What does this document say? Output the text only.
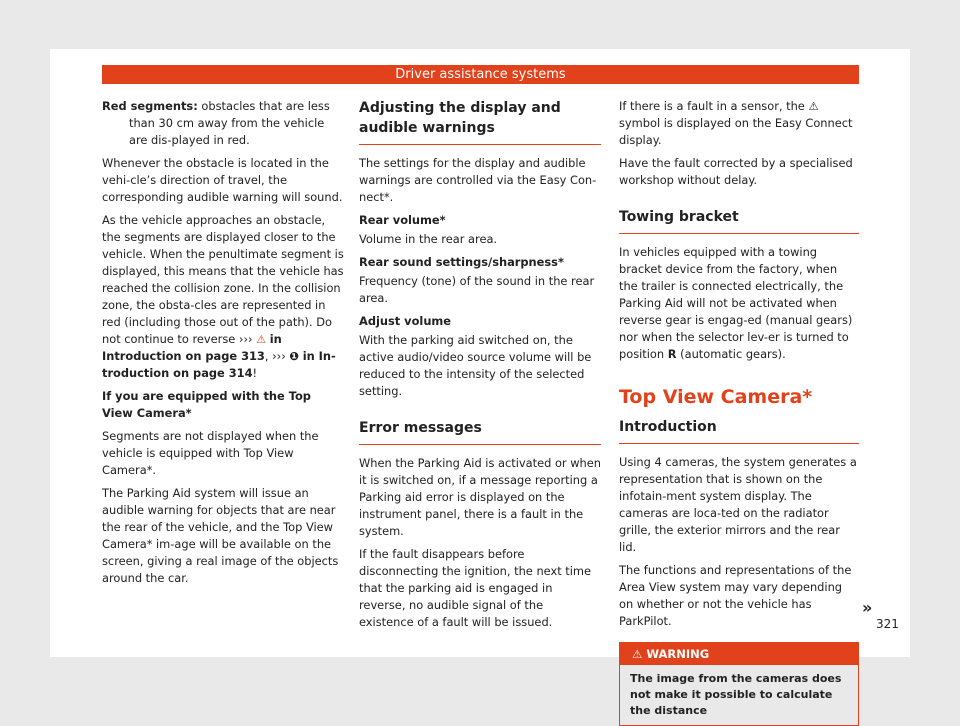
Driver assistance systems

Red segments: obstacles that are less than 30 cm away from the vehicle are dis-played in red.

Whenever the obstacle is located in the vehi-cle’s direction of travel, the corresponding audible warning will sound.

As the vehicle approaches an obstacle, the segments are displayed closer to the vehicle. When the penultimate segment is displayed, this means that the vehicle has reached the collision zone. In the collision zone, the obsta-cles are represented in red (including those out of the path). Do not continue to reverse ››› ⚠ in Introduction on page 313, ››› ❶ in In-troduction on page 314!

If you are equipped with the Top View Camera*

Segments are not displayed when the vehicle is equipped with Top View Camera*.

The Parking Aid system will issue an audible warning for objects that are near the rear of the vehicle, and the Top View Camera* im-age will be available on the screen, giving a real image of the objects around the car.

Adjusting the display and audible warnings

The settings for the display and audible warnings are controlled via the Easy Con-nect*.

Rear volume*

Volume in the rear area.

Rear sound settings/sharpness*

Frequency (tone) of the sound in the rear area.

Adjust volume

With the parking aid switched on, the active audio/video source volume will be reduced to the intensity of the selected setting.

Error messages

When the Parking Aid is activated or when it is switched on, if a message reporting a Parking aid error is displayed on the instrument panel, there is a fault in the system.

If the fault disappears before disconnecting the ignition, the next time that the parking aid is engaged in reverse, no audible signal of the existence of a fault will be issued.

If there is a fault in a sensor, the ⚠ symbol is displayed on the Easy Connect display.

Have the fault corrected by a specialised workshop without delay.

Towing bracket

In vehicles equipped with a towing bracket device from the factory, when the trailer is connected electrically, the Parking Aid will not be activated when reverse gear is engag-ed (manual gears) nor when the selector lev-er is turned to position R (automatic gears).

Top View Camera*
Introduction

Using 4 cameras, the system generates a representation that is shown on the infotain-ment system display. The cameras are loca-ted on the radiator grille, the exterior mirrors and the rear lid.

The functions and representations of the Area View system may vary depending on whether or not the vehicle has ParkPilot.

⚠ WARNING
The image from the cameras does not make it possible to calculate the distance
»
321
